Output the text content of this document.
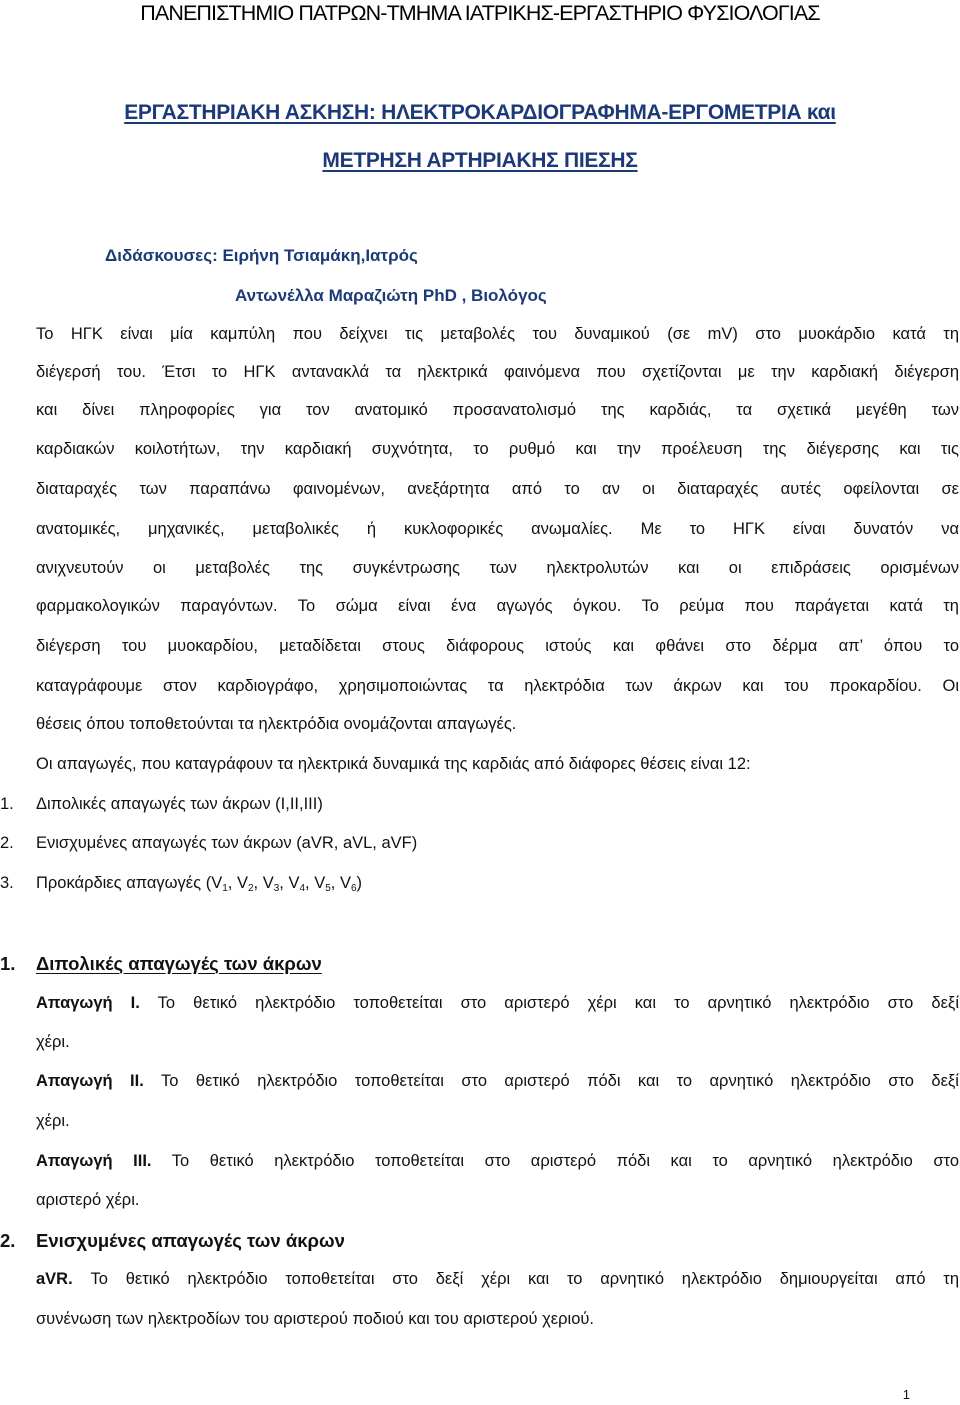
ΠΑΝΕΠΙΣΤΗΜΙΟ ΠΑΤΡΩΝ-ΤΜΗΜΑ ΙΑΤΡΙΚΗΣ-ΕΡΓΑΣΤΗΡΙΟ ΦΥΣΙΟΛΟΓΙΑΣ
ΕΡΓΑΣΤΗΡΙΑΚΗ ΑΣΚΗΣΗ: ΗΛΕΚΤΡΟΚΑΡΔΙΟΓΡΑΦΗΜΑ-ΕΡΓΟΜΕΤΡΙΑ και
ΜΕΤΡΗΣΗ ΑΡΤΗΡΙΑΚΗΣ ΠΙΕΣΗΣ
Διδάσκουσες: Ειρήνη Τσιαμάκη,Ιατρός
Αντωνέλλα Μαραζιώτη PhD , Βιολόγος
Το ΗΓΚ είναι μία καμπύλη που δείχνει τις μεταβολές του δυναμικού (σε mV) στο μυοκάρδιο κατά τη
διέγερσή του. Έτσι το ΗΓΚ αντανακλά τα ηλεκτρικά φαινόμενα που σχετίζονται με την καρδιακή διέγερση
και δίνει πληροφορίες για τον ανατομικό προσανατολισμό της καρδιάς, τα σχετικά μεγέθη των
καρδιακών κοιλοτήτων, την καρδιακή συχνότητα, το ρυθμό και την προέλευση της διέγερσης και τις
διαταραχές των παραπάνω φαινομένων, ανεξάρτητα από το αν οι διαταραχές αυτές οφείλονται σε
ανατομικές, μηχανικές, μεταβολικές ή κυκλοφορικές ανωμαλίες. Με το ΗΓΚ είναι δυνατόν να
ανιχνευτούν οι μεταβολές της συγκέντρωσης των ηλεκτρολυτών και οι επιδράσεις ορισμένων
φαρμακολογικών παραγόντων. Το σώμα είναι ένα αγωγός όγκου. Το ρεύμα που παράγεται κατά τη
διέγερση του μυοκαρδίου, μεταδίδεται στους διάφορους ιστούς και φθάνει στο δέρμα απ’ όπου το
καταγράφουμε στον καρδιογράφο, χρησιμοποιώντας τα ηλεκτρόδια των άκρων και του προκαρδίου. Οι
θέσεις όπου τοποθετούνται τα ηλεκτρόδια ονομάζονται απαγωγές.
Οι απαγωγές, που καταγράφουν τα ηλεκτρικά δυναμικά της καρδιάς από διάφορες θέσεις είναι 12:
1. Διπολικές απαγωγές των άκρων (Ι,ΙΙ,ΙΙΙ)
2. Ενισχυμένες απαγωγές των άκρων (aVR, aVL, aVF)
3. Προκάρδιες απαγωγές ($V_1$, $V_2$, $V_3$, $V_4$, $V_5$, $V_6$)
1. Διπολικές απαγωγές των άκρων
Απαγωγή Ι. Το θετικό ηλεκτρόδιο τοποθετείται στο αριστερό χέρι και το αρνητικό ηλεκτρόδιο στο δεξί
χέρι.
Απαγωγή ΙΙ. Το θετικό ηλεκτρόδιο τοποθετείται στο αριστερό πόδι και το αρνητικό ηλεκτρόδιο στο δεξί
χέρι.
Απαγωγή ΙΙΙ. Το θετικό ηλεκτρόδιο τοποθετείται στο αριστερό πόδι και το αρνητικό ηλεκτρόδιο στο
αριστερό χέρι.
2. Ενισχυμένες απαγωγές των άκρων
aVR. Το θετικό ηλεκτρόδιο τοποθετείται στο δεξί χέρι και το αρνητικό ηλεκτρόδιο δημιουργείται από τη
συνένωση των ηλεκτροδίων του αριστερού ποδιού και του αριστερού χεριού.
1
